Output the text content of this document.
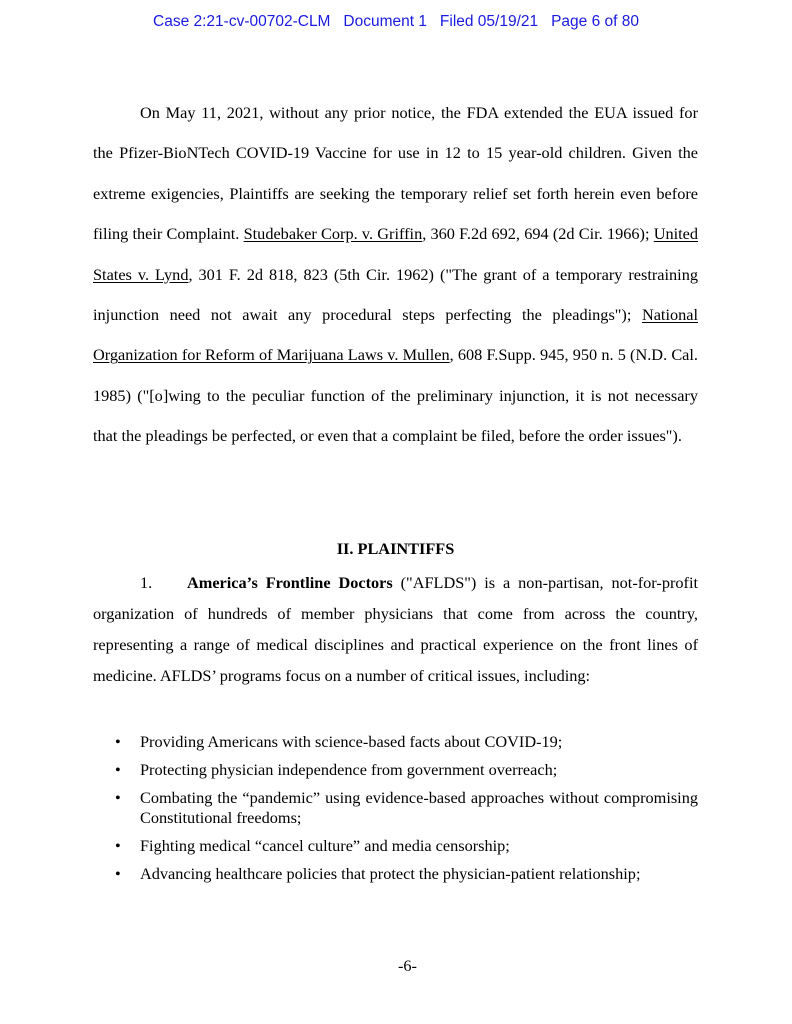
Case 2:21-cv-00702-CLM Document 1 Filed 05/19/21 Page 6 of 80
On May 11, 2021, without any prior notice, the FDA extended the EUA issued for the Pfizer-BioNTech COVID-19 Vaccine for use in 12 to 15 year-old children. Given the extreme exigencies, Plaintiffs are seeking the temporary relief set forth herein even before filing their Complaint. Studebaker Corp. v. Griffin, 360 F.2d 692, 694 (2d Cir. 1966); United States v. Lynd, 301 F. 2d 818, 823 (5th Cir. 1962) ("The grant of a temporary restraining injunction need not await any procedural steps perfecting the pleadings"); National Organization for Reform of Marijuana Laws v. Mullen, 608 F.Supp. 945, 950 n. 5 (N.D. Cal. 1985) ("[o]wing to the peculiar function of the preliminary injunction, it is not necessary that the pleadings be perfected, or even that a complaint be filed, before the order issues").
II. PLAINTIFFS
1. America’s Frontline Doctors ("AFLDS") is a non-partisan, not-for-profit organization of hundreds of member physicians that come from across the country, representing a range of medical disciplines and practical experience on the front lines of medicine. AFLDS’ programs focus on a number of critical issues, including:
• Providing Americans with science-based facts about COVID-19;
• Protecting physician independence from government overreach;
• Combating the “pandemic” using evidence-based approaches without compromising Constitutional freedoms;
• Fighting medical “cancel culture” and media censorship;
• Advancing healthcare policies that protect the physician-patient relationship;
-6-
